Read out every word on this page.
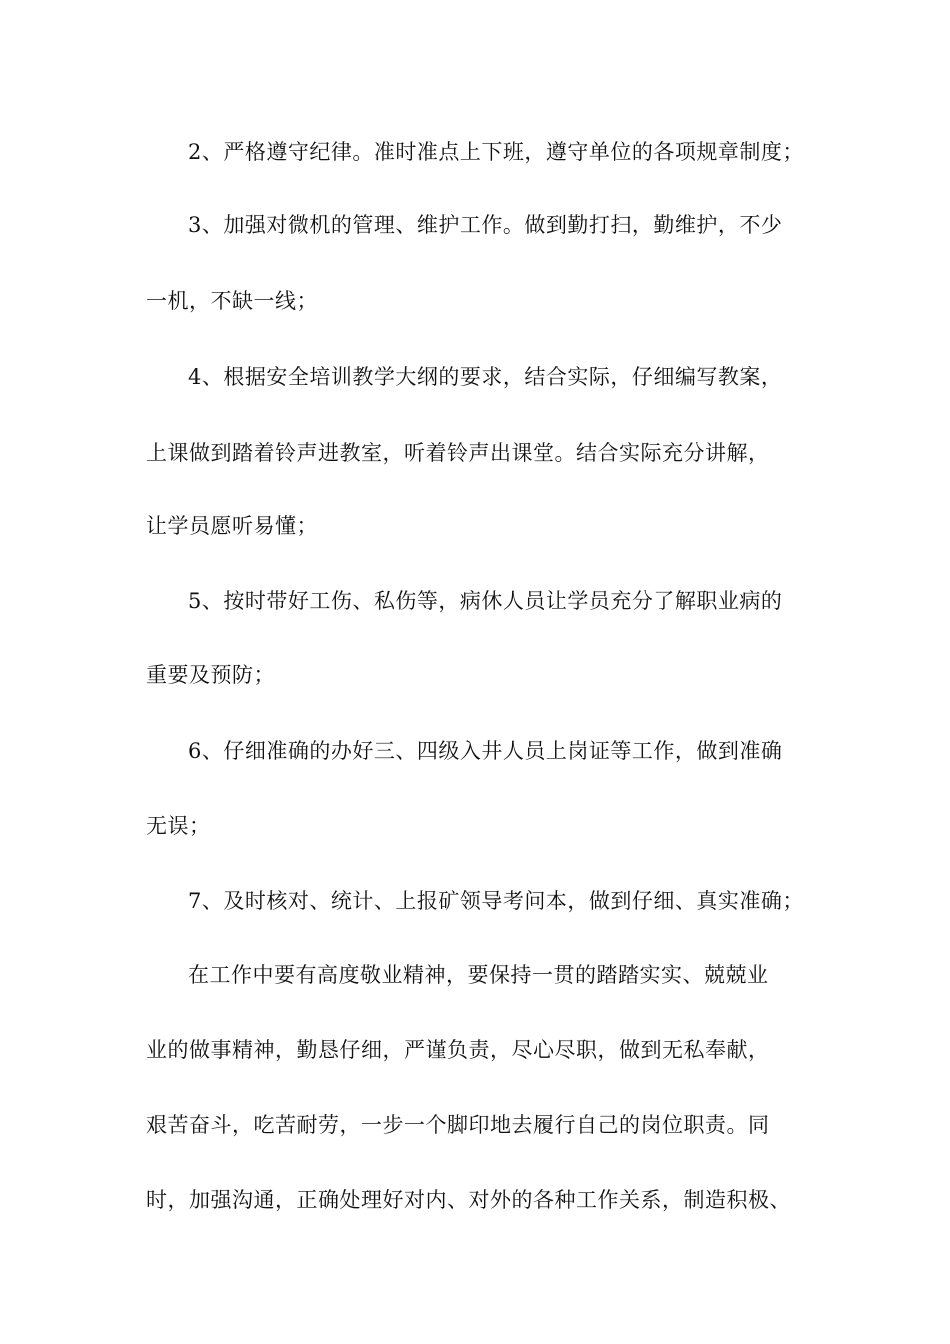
2、严格遵守纪律。准时准点上下班，遵守单位的各项规章制度；
3、加强对微机的管理、维护工作。做到勤打扫，勤维护，不少
一机，不缺一线；
4、根据安全培训教学大纲的要求，结合实际，仔细编写教案，
上课做到踏着铃声进教室，听着铃声出课堂。结合实际充分讲解，
让学员愿听易懂；
5、按时带好工伤、私伤等，病休人员让学员充分了解职业病的
重要及预防；
6、仔细准确的办好三、四级入井人员上岗证等工作，做到准确
无误；
7、及时核对、统计、上报矿领导考问本，做到仔细、真实准确；
在工作中要有高度敬业精神，要保持一贯的踏踏实实、兢兢业
业的做事精神，勤恳仔细，严谨负责，尽心尽职，做到无私奉献，
艰苦奋斗，吃苦耐劳，一步一个脚印地去履行自己的岗位职责。同
时，加强沟通，正确处理好对内、对外的各种工作关系，制造积极、
